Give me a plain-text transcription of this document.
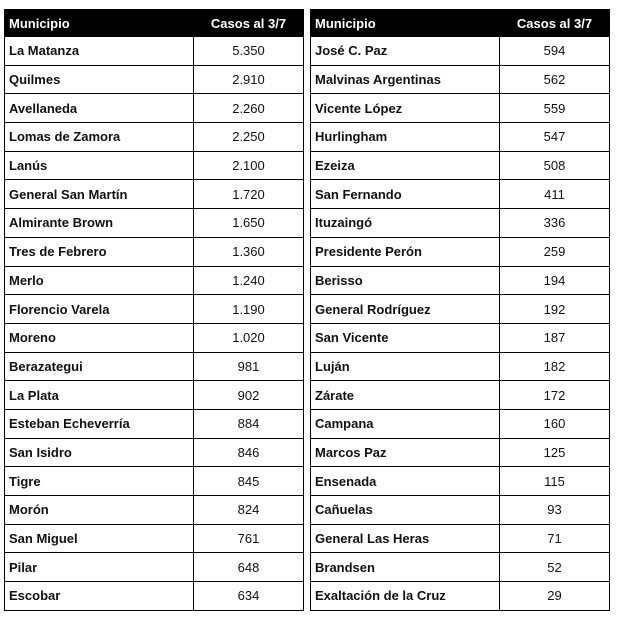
Municipio	Casos al 3/7
La Matanza	5.350
Quilmes	2.910
Avellaneda	2.260
Lomas de Zamora	2.250
Lanús	2.100
General San Martín	1.720
Almirante Brown	1.650
Tres de Febrero	1.360
Merlo	1.240
Florencio Varela	1.190
Moreno	1.020
Berazategui	981
La Plata	902
Esteban Echeverría	884
San Isidro	846
Tigre	845
Morón	824
San Miguel	761
Pilar	648
Escobar	634
Municipio	Casos al 3/7
José C. Paz	594
Malvinas Argentinas	562
Vicente López	559
Hurlingham	547
Ezeiza	508
San Fernando	411
Ituzaingó	336
Presidente Perón	259
Berisso	194
General Rodríguez	192
San Vicente	187
Luján	182
Zárate	172
Campana	160
Marcos Paz	125
Ensenada	115
Cañuelas	93
General Las Heras	71
Brandsen	52
Exaltación de la Cruz	29
